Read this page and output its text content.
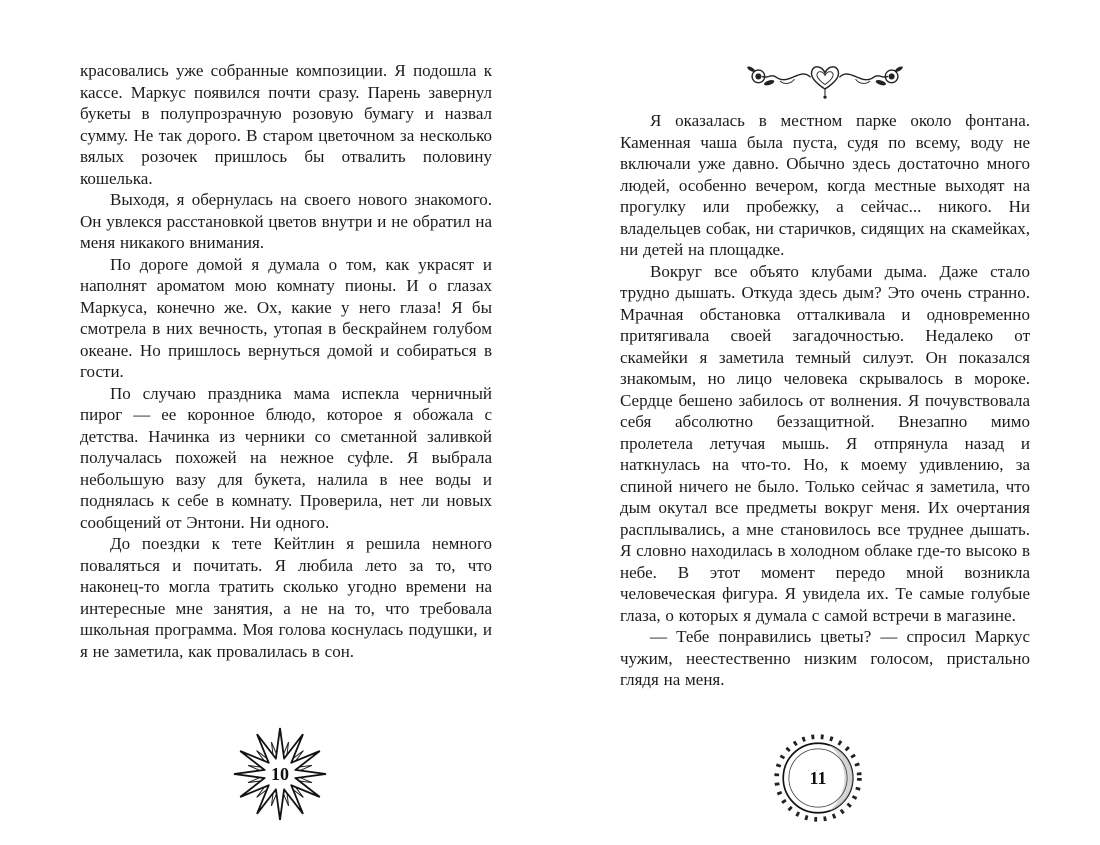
красовались уже собранные композиции. Я подошла к кассе. Маркус появился почти сразу. Парень завернул букеты в полупрозрачную розовую бумагу и назвал сумму. Не так дорого. В старом цветочном за несколько вялых розочек пришлось бы отвалить половину кошелька.

Выходя, я обернулась на своего нового знакомого. Он увлекся расстановкой цветов внутри и не обратил на меня никакого внимания.

По дороге домой я думала о том, как украсят и наполнят ароматом мою комнату пионы. И о глазах Маркуса, конечно же. Ох, какие у него глаза! Я бы смотрела в них вечность, утопая в бескрайнем голубом океане. Но пришлось вернуться домой и собираться в гости.

По случаю праздника мама испекла черничный пирог — ее коронное блюдо, которое я обожала с детства. Начинка из черники со сметанной заливкой получалась похожей на нежное суфле. Я выбрала небольшую вазу для букета, налила в нее воды и поднялась к себе в комнату. Проверила, нет ли новых сообщений от Энтони. Ни одного.

До поездки к тете Кейтлин я решила немного поваляться и почитать. Я любила лето за то, что наконец-то могла тратить сколько угодно времени на интересные мне занятия, а не на то, что требовала школьная программа. Моя голова коснулась подушки, и я не заметила, как провалилась в сон.

10

Я оказалась в местном парке около фонтана. Каменная чаша была пуста, судя по всему, воду не включали уже давно. Обычно здесь достаточно много людей, особенно вечером, когда местные выходят на прогулку или пробежку, а сейчас... никого. Ни владельцев собак, ни старичков, сидящих на скамейках, ни детей на площадке.

Вокруг все объято клубами дыма. Даже стало трудно дышать. Откуда здесь дым? Это очень странно. Мрачная обстановка отталкивала и одновременно притягивала своей загадочностью. Недалеко от скамейки я заметила темный силуэт. Он показался знакомым, но лицо человека скрывалось в мороке. Сердце бешено забилось от волнения. Я почувствовала себя абсолютно беззащитной. Внезапно мимо пролетела летучая мышь. Я отпрянула назад и наткнулась на что-то. Но, к моему удивлению, за спиной ничего не было. Только сейчас я заметила, что дым окутал все предметы вокруг меня. Их очертания расплывались, а мне становилось все труднее дышать. Я словно находилась в холодном облаке где-то высоко в небе. В этот момент передо мной возникла человеческая фигура. Я увидела их. Те самые голубые глаза, о которых я думала с самой встречи в магазине.

— Тебе понравились цветы? — спросил Маркус чужим, неестественно низким голосом, пристально глядя на меня.

11
